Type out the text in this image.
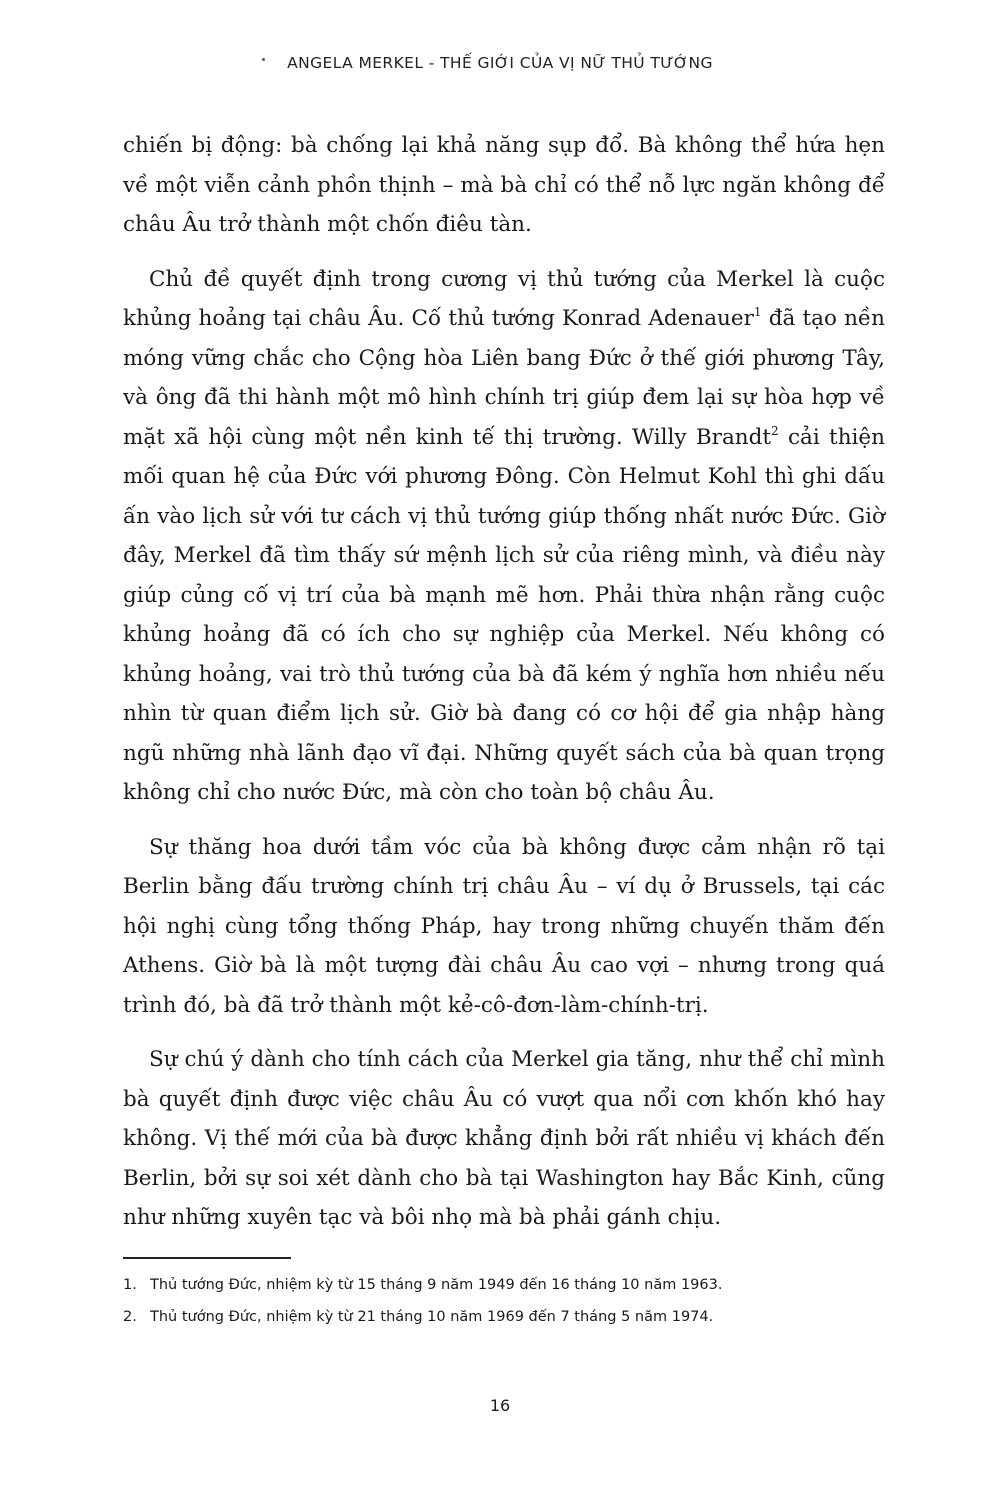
ANGELA MERKEL - THẾ GIỚI CỦA VỊ NỮ THỦ TƯỚNG

chiến bị động: bà chống lại khả năng sụp đổ. Bà không thể hứa hẹn về một viễn cảnh phồn thịnh – mà bà chỉ có thể nỗ lực ngăn không để châu Âu trở thành một chốn điêu tàn.

Chủ đề quyết định trong cương vị thủ tướng của Merkel là cuộc khủng hoảng tại châu Âu. Cố thủ tướng Konrad Adenauer$^1$ đã tạo nền móng vững chắc cho Cộng hòa Liên bang Đức ở thế giới phương Tây, và ông đã thi hành một mô hình chính trị giúp đem lại sự hòa hợp về mặt xã hội cùng một nền kinh tế thị trường. Willy Brandt$^2$ cải thiện mối quan hệ của Đức với phương Đông. Còn Helmut Kohl thì ghi dấu ấn vào lịch sử với tư cách vị thủ tướng giúp thống nhất nước Đức. Giờ đây, Merkel đã tìm thấy sứ mệnh lịch sử của riêng mình, và điều này giúp củng cố vị trí của bà mạnh mẽ hơn. Phải thừa nhận rằng cuộc khủng hoảng đã có ích cho sự nghiệp của Merkel. Nếu không có khủng hoảng, vai trò thủ tướng của bà đã kém ý nghĩa hơn nhiều nếu nhìn từ quan điểm lịch sử. Giờ bà đang có cơ hội để gia nhập hàng ngũ những nhà lãnh đạo vĩ đại. Những quyết sách của bà quan trọng không chỉ cho nước Đức, mà còn cho toàn bộ châu Âu.

Sự thăng hoa dưới tầm vóc của bà không được cảm nhận rõ tại Berlin bằng đấu trường chính trị châu Âu – ví dụ ở Brussels, tại các hội nghị cùng tổng thống Pháp, hay trong những chuyến thăm đến Athens. Giờ bà là một tượng đài châu Âu cao vợi – nhưng trong quá trình đó, bà đã trở thành một kẻ-cô-đơn-làm-chính-trị.

Sự chú ý dành cho tính cách của Merkel gia tăng, như thể chỉ mình bà quyết định được việc châu Âu có vượt qua nổi cơn khốn khó hay không. Vị thế mới của bà được khẳng định bởi rất nhiều vị khách đến Berlin, bởi sự soi xét dành cho bà tại Washington hay Bắc Kinh, cũng như những xuyên tạc và bôi nhọ mà bà phải gánh chịu.

1. Thủ tướng Đức, nhiệm kỳ từ 15 tháng 9 năm 1949 đến 16 tháng 10 năm 1963.
2. Thủ tướng Đức, nhiệm kỳ từ 21 tháng 10 năm 1969 đến 7 tháng 5 năm 1974.
16
